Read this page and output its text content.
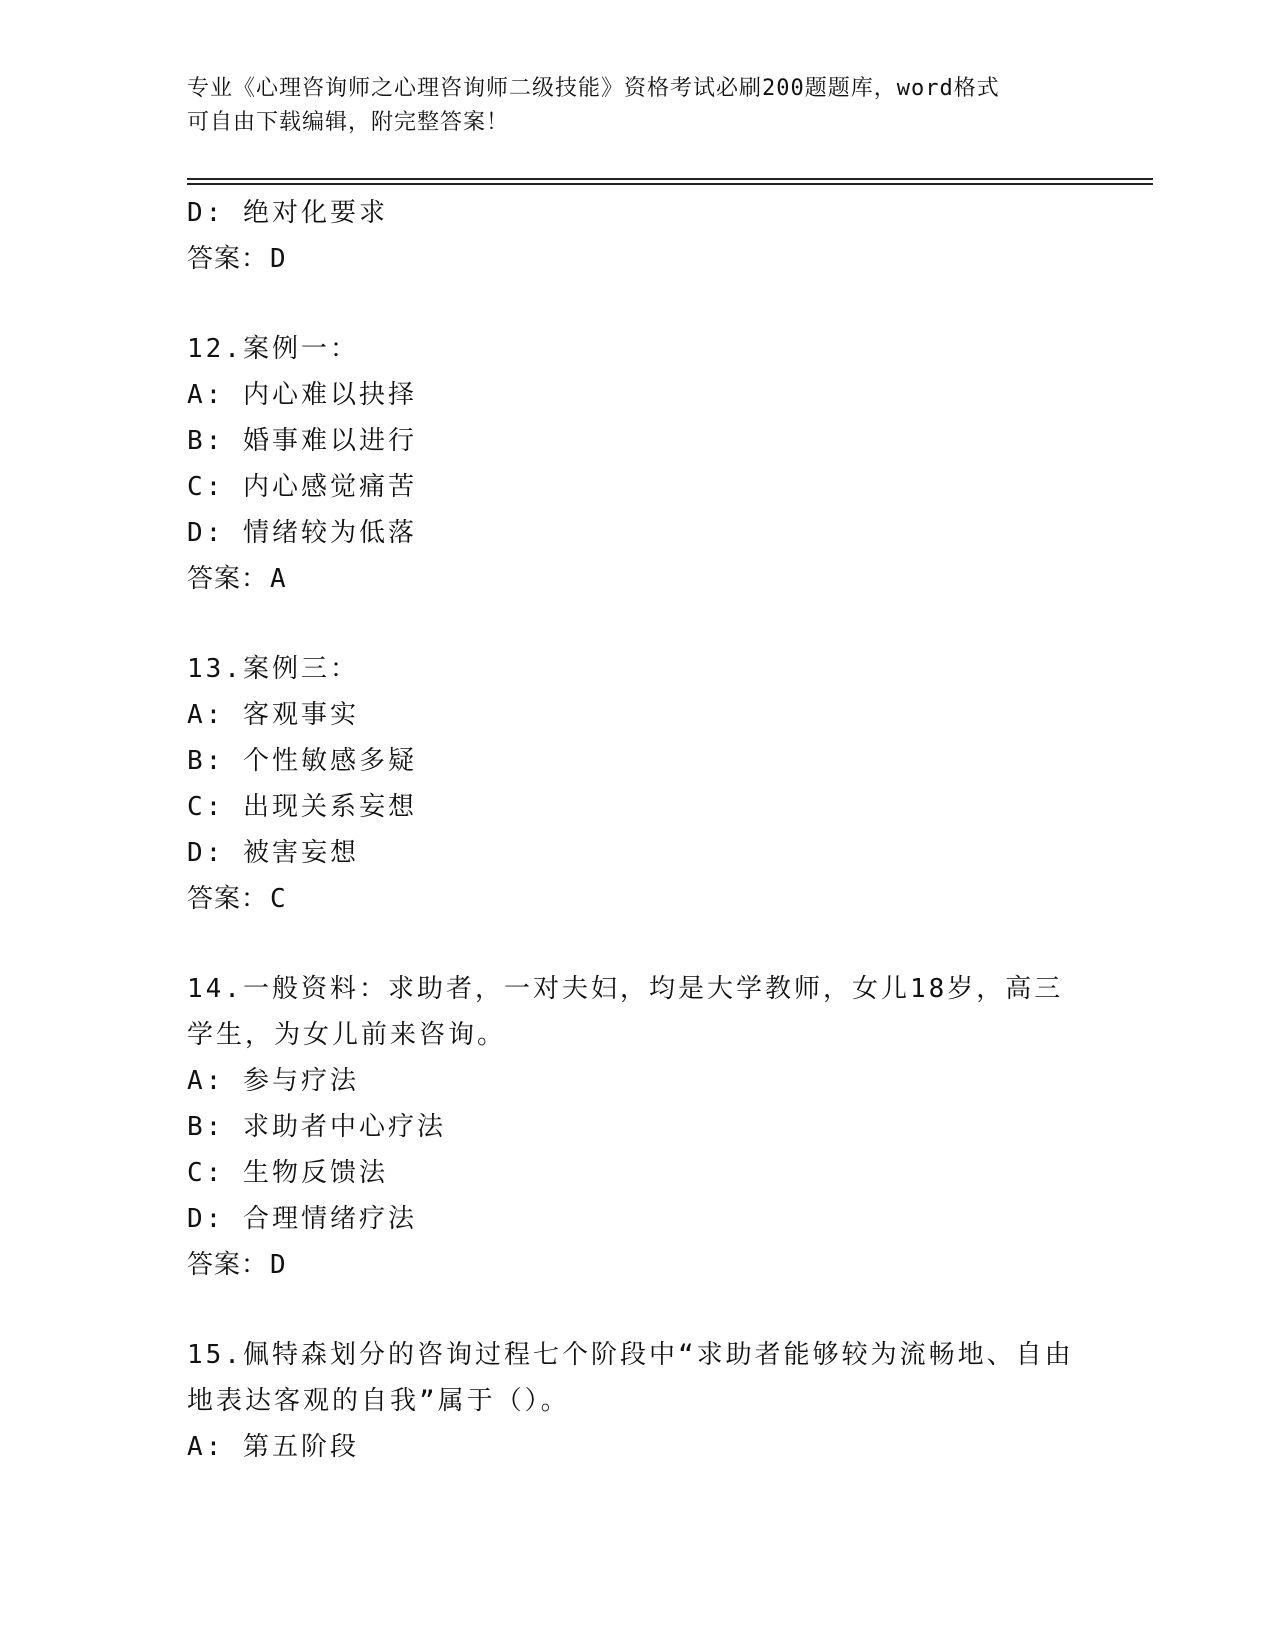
专业《心理咨询师之心理咨询师二级技能》资格考试必刷200题题库，word格式
可自由下载编辑，附完整答案！
D: 绝对化要求
答案：D
12.案例一：
A: 内心难以抉择
B: 婚事难以进行
C: 内心感觉痛苦
D: 情绪较为低落
答案：A
13.案例三：
A: 客观事实
B: 个性敏感多疑
C: 出现关系妄想
D: 被害妄想
答案：C
14.一般资料：求助者，一对夫妇，均是大学教师，女儿18岁，高三
学生，为女儿前来咨询。
A: 参与疗法
B: 求助者中心疗法
C: 生物反馈法
D: 合理情绪疗法
答案：D
15.佩特森划分的咨询过程七个阶段中“求助者能够较为流畅地、自由
地表达客观的自我”属于（）。
A: 第五阶段
